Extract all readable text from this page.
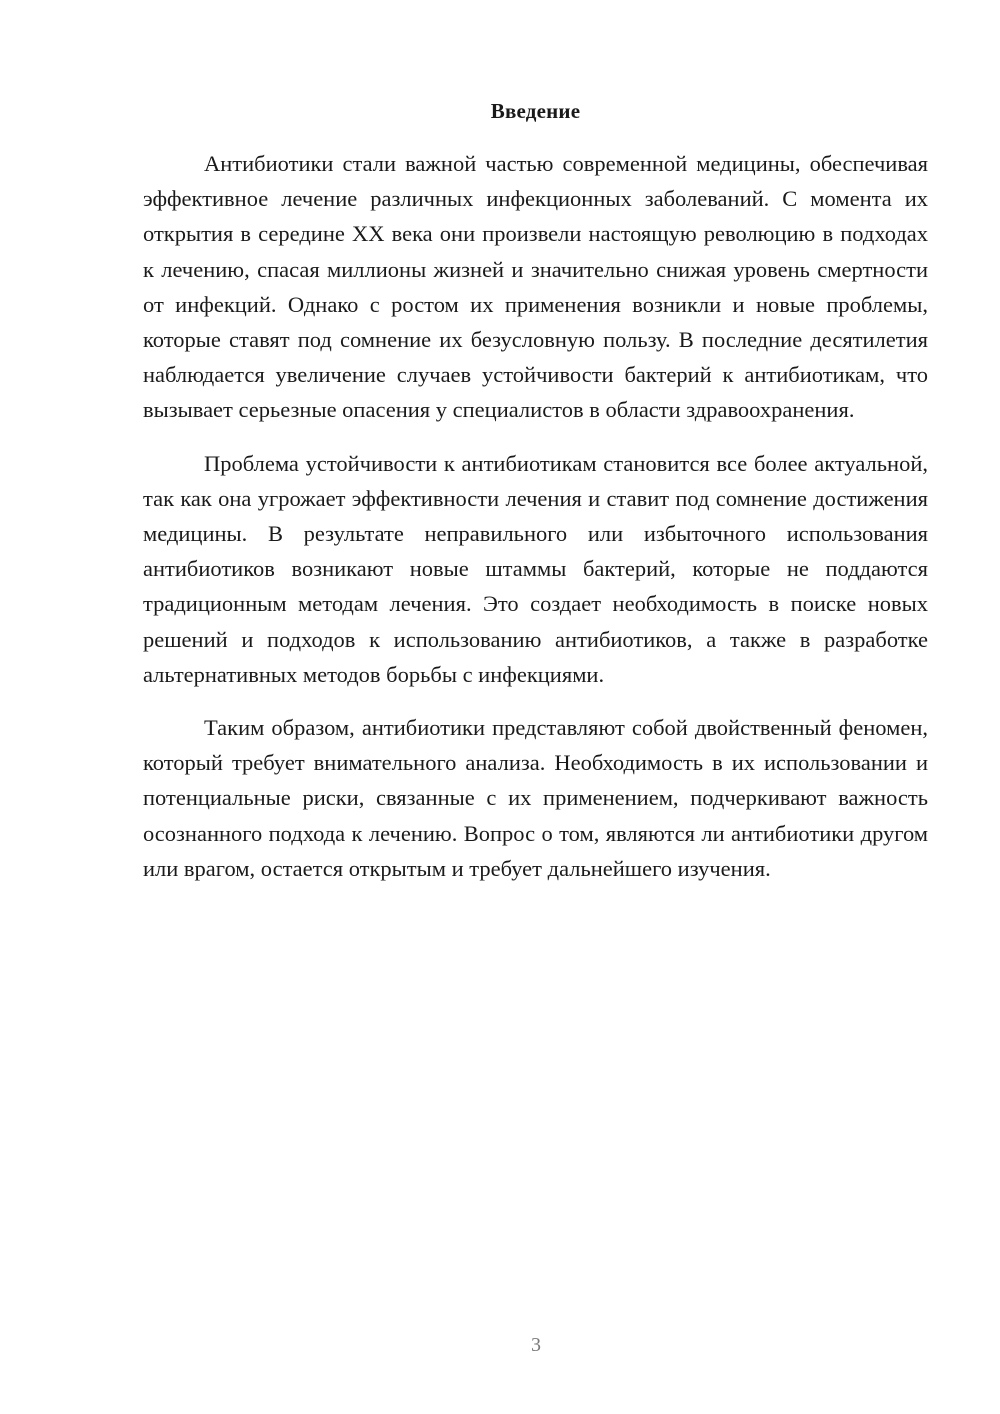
Введение

Антибиотики стали важной частью современной медицины, обеспечивая эффективное лечение различных инфекционных заболеваний. С момента их открытия в середине XX века они произвели настоящую революцию в подходах к лечению, спасая миллионы жизней и значительно снижая уровень смертности от инфекций. Однако с ростом их применения возникли и новые проблемы, которые ставят под сомнение их безусловную пользу. В последние десятилетия наблюдается увеличение случаев устойчивости бактерий к антибиотикам, что вызывает серьезные опасения у специалистов в области здравоохранения.

Проблема устойчивости к антибиотикам становится все более актуальной, так как она угрожает эффективности лечения и ставит под сомнение достижения медицины. В результате неправильного или избыточного использования антибиотиков возникают новые штаммы бактерий, которые не поддаются традиционным методам лечения. Это создает необходимость в поиске новых решений и подходов к использованию антибиотиков, а также в разработке альтернативных методов борьбы с инфекциями.

Таким образом, антибиотики представляют собой двойственный феномен, который требует внимательного анализа. Необходимость в их использовании и потенциальные риски, связанные с их применением, подчеркивают важность осознанного подхода к лечению. Вопрос о том, являются ли антибиотики другом или врагом, остается открытым и требует дальнейшего изучения.

3
